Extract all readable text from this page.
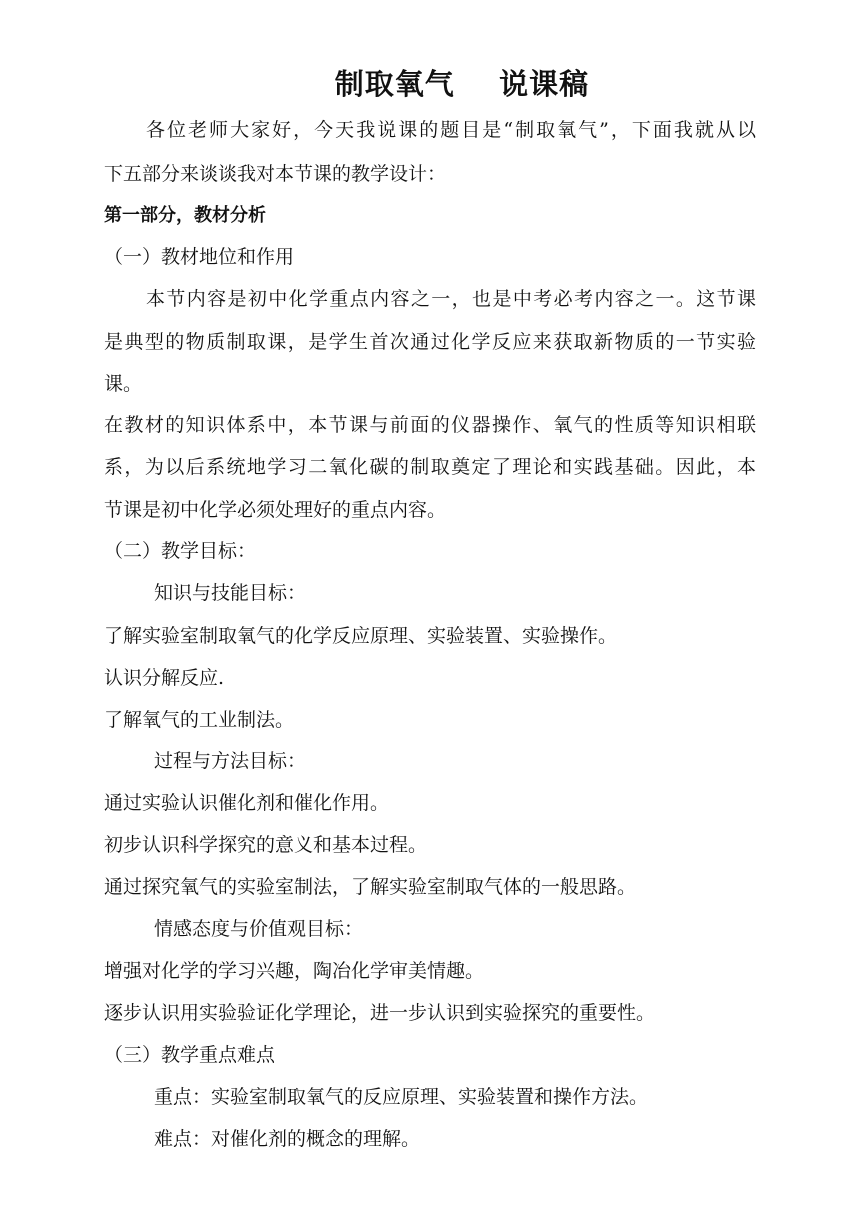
制取氧气    说课稿
各位老师大家好，今天我说课的题目是“制取氧气”，下面我就从以
下五部分来谈谈我对本节课的教学设计：
第一部分，教材分析
（一）教材地位和作用
本节内容是初中化学重点内容之一，也是中考必考内容之一。这节课
是典型的物质制取课，是学生首次通过化学反应来获取新物质的一节实验
课。
在教材的知识体系中，本节课与前面的仪器操作、氧气的性质等知识相联
系，为以后系统地学习二氧化碳的制取奠定了理论和实践基础。因此，本
节课是初中化学必须处理好的重点内容。
（二）教学目标：
知识与技能目标：
了解实验室制取氧气的化学反应原理、实验装置、实验操作。
认识分解反应.
了解氧气的工业制法。
过程与方法目标：
通过实验认识催化剂和催化作用。
初步认识科学探究的意义和基本过程。
通过探究氧气的实验室制法，了解实验室制取气体的一般思路。
情感态度与价值观目标：
增强对化学的学习兴趣，陶冶化学审美情趣。
逐步认识用实验验证化学理论，进一步认识到实验探究的重要性。
（三）教学重点难点
重点：实验室制取氧气的反应原理、实验装置和操作方法。
难点：对催化剂的概念的理解。
